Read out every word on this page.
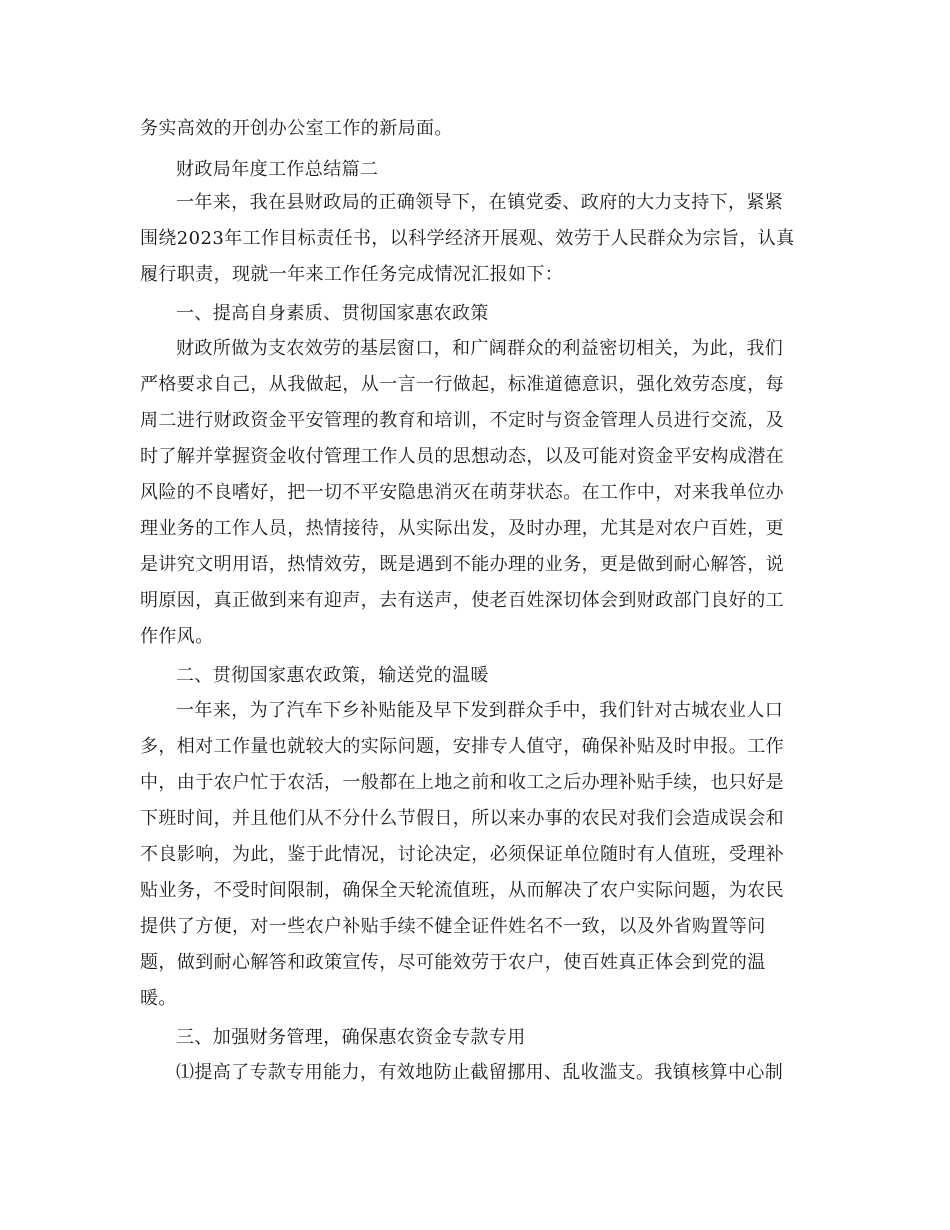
务实高效的开创办公室工作的新局面。
财政局年度工作总结篇二
一年来，我在县财政局的正确领导下，在镇党委、政府的大力支持下，紧紧
围绕2023年工作目标责任书，以科学经济开展观、效劳于人民群众为宗旨，认真
履行职责，现就一年来工作任务完成情况汇报如下：
一、提高自身素质、贯彻国家惠农政策
财政所做为支农效劳的基层窗口，和广阔群众的利益密切相关，为此，我们
严格要求自己，从我做起，从一言一行做起，标准道德意识，强化效劳态度，每
周二进行财政资金平安管理的教育和培训，不定时与资金管理人员进行交流，及
时了解并掌握资金收付管理工作人员的思想动态，以及可能对资金平安构成潜在
风险的不良嗜好，把一切不平安隐患消灭在萌芽状态。在工作中，对来我单位办
理业务的工作人员，热情接待，从实际出发，及时办理，尤其是对农户百姓，更
是讲究文明用语，热情效劳，既是遇到不能办理的业务，更是做到耐心解答，说
明原因，真正做到来有迎声，去有送声，使老百姓深切体会到财政部门良好的工
作作风。
二、贯彻国家惠农政策，输送党的温暖
一年来，为了汽车下乡补贴能及早下发到群众手中，我们针对古城农业人口
多，相对工作量也就较大的实际问题，安排专人值守，确保补贴及时申报。工作
中，由于农户忙于农活，一般都在上地之前和收工之后办理补贴手续，也只好是
下班时间，并且他们从不分什么节假日，所以来办事的农民对我们会造成误会和
不良影响，为此，鉴于此情况，讨论决定，必须保证单位随时有人值班，受理补
贴业务，不受时间限制，确保全天轮流值班，从而解决了农户实际问题，为农民
提供了方便，对一些农户补贴手续不健全证件姓名不一致，以及外省购置等问
题，做到耐心解答和政策宣传，尽可能效劳于农户，使百姓真正体会到党的温
暖。
三、加强财务管理，确保惠农资金专款专用
⑴提高了专款专用能力，有效地防止截留挪用、乱收滥支。我镇核算中心制
